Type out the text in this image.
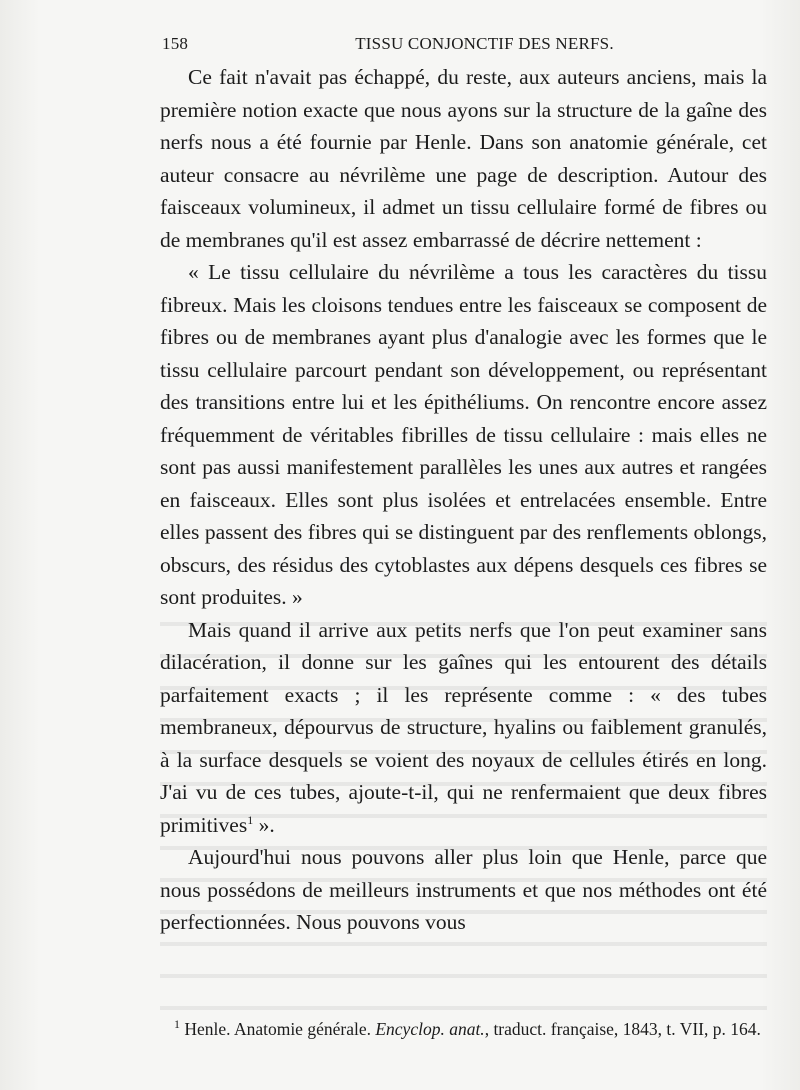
158	TISSU CONJONCTIF DES NERFS.

Ce fait n'avait pas échappé, du reste, aux auteurs anciens, mais la première notion exacte que nous ayons sur la structure de la gaîne des nerfs nous a été fournie par Henle. Dans son anatomie générale, cet auteur consacre au névrilème une page de description. Autour des faisceaux volumineux, il admet un tissu cellulaire formé de fibres ou de membranes qu'il est assez embarrassé de décrire nettement :

« Le tissu cellulaire du névrilème a tous les caractères du tissu fibreux. Mais les cloisons tendues entre les faisceaux se composent de fibres ou de membranes ayant plus d'analogie avec les formes que le tissu cellulaire parcourt pendant son développement, ou représentant des transitions entre lui et les épithéliums. On rencontre encore assez fréquemment de véritables fibrilles de tissu cellulaire : mais elles ne sont pas aussi manifestement parallèles les unes aux autres et rangées en faisceaux. Elles sont plus isolées et entrelacées ensemble. Entre elles passent des fibres qui se distinguent par des renflements oblongs, obscurs, des résidus des cytoblastes aux dépens desquels ces fibres se sont produites. »

Mais quand il arrive aux petits nerfs que l'on peut examiner sans dilacération, il donne sur les gaînes qui les entourent des détails parfaitement exacts ; il les représente comme : « des tubes membraneux, dépourvus de structure, hyalins ou faiblement granulés, à la surface desquels se voient des noyaux de cellules étirés en long. J'ai vu de ces tubes, ajoute-t-il, qui ne renfermaient que deux fibres primitives$^1$ ».

Aujourd'hui nous pouvons aller plus loin que Henle, parce que nous possédons de meilleurs instruments et que nos méthodes ont été perfectionnées. Nous pouvons vous

$^1$ Henle. Anatomie générale. Encyclop. anat., traduct. française, 1843, t. VII, p. 164.
